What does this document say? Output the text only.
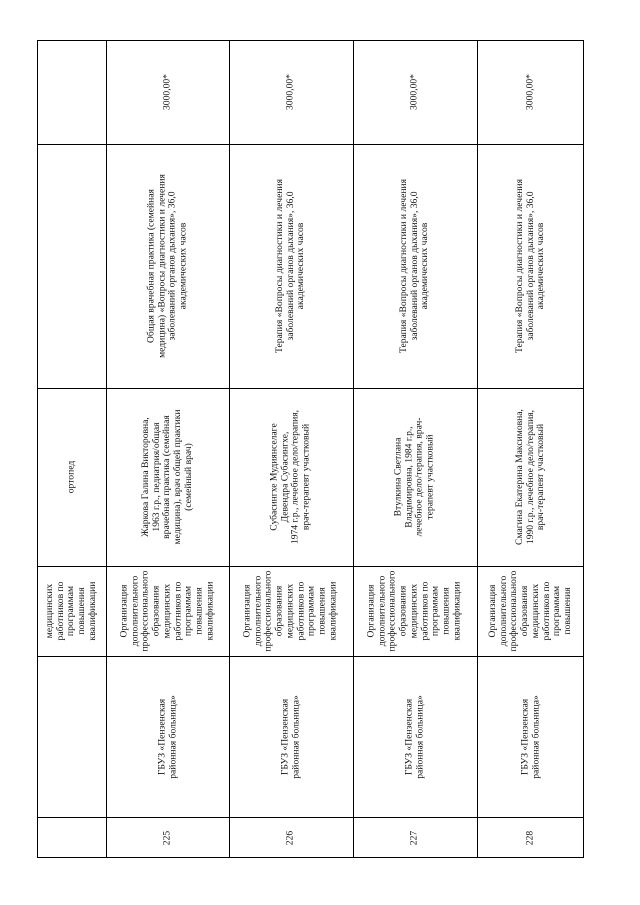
медицинских работников по программам повышения квалификации
ортопед
225
ГБУЗ «Пензенская районная больница»
Организация дополнительного профессионального образования медицинских работников по программам повышения квалификации
Жаркова Галина Викторовна, 1963 г.р., педиатрия/общая врачебная практика (семейная медицина), врач общей практики (семейный врач)
Общая врачебная практика (семейная медицина) «Вопросы диагностики и лечения заболеваний органов дыхания», 36,0 академических часов
3000,00*
226
ГБУЗ «Пензенская районная больница»
Организация дополнительного профессионального образования медицинских работников по программам повышения квалификации
Субасингхе Мудиянселаге Девендра Субасингхе, 1974 г.р., лечебное дело/терапия, врач-терапевт участковый
Терапия «Вопросы диагностики и лечения заболеваний органов дыхания», 36,0 академических часов
3000,00*
227
ГБУЗ «Пензенская районная больница»
Организация дополнительного профессионального образования медицинских работников по программам повышения квалификации
Втулкина Светлана Владимировна, 1984 г.р., лечебное дело/терапия, врач- терапевт участковый
Терапия «Вопросы диагностики и лечения заболеваний органов дыхания», 36,0 академических часов
3000,00*
228
ГБУЗ «Пензенская районная больница»
Организация дополнительного профессионального образования медицинских работников по программам повышения
Смагина Екатерина Максимовна, 1990 г.р., лечебное дело/терапия, врач-терапевт участковый
Терапия «Вопросы диагностики и лечения заболеваний органов дыхания», 36,0 академических часов
3000,00*
